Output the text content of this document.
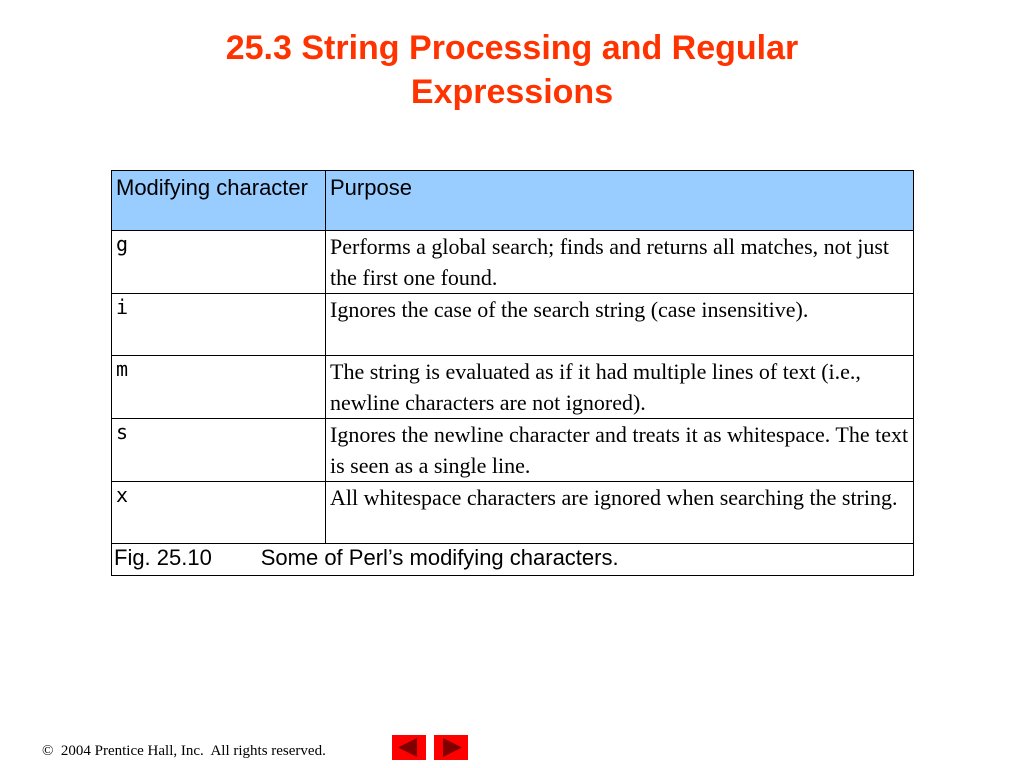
25.3 String Processing and Regular
Expressions
Modifying character	Purpose
g	Performs a global search; finds and returns all matches, not just the first one found.
i	Ignores the case of the search string (case insensitive).
m	The string is evaluated as if it had multiple lines of text (i.e., newline characters are not ignored).
s	Ignores the newline character and treats it as whitespace. The text is seen as a single line.
x	All whitespace characters are ignored when searching the string.
Fig. 25.10        Some of Perl’s modifying characters.	
©  2004 Prentice Hall, Inc.  All rights reserved.
